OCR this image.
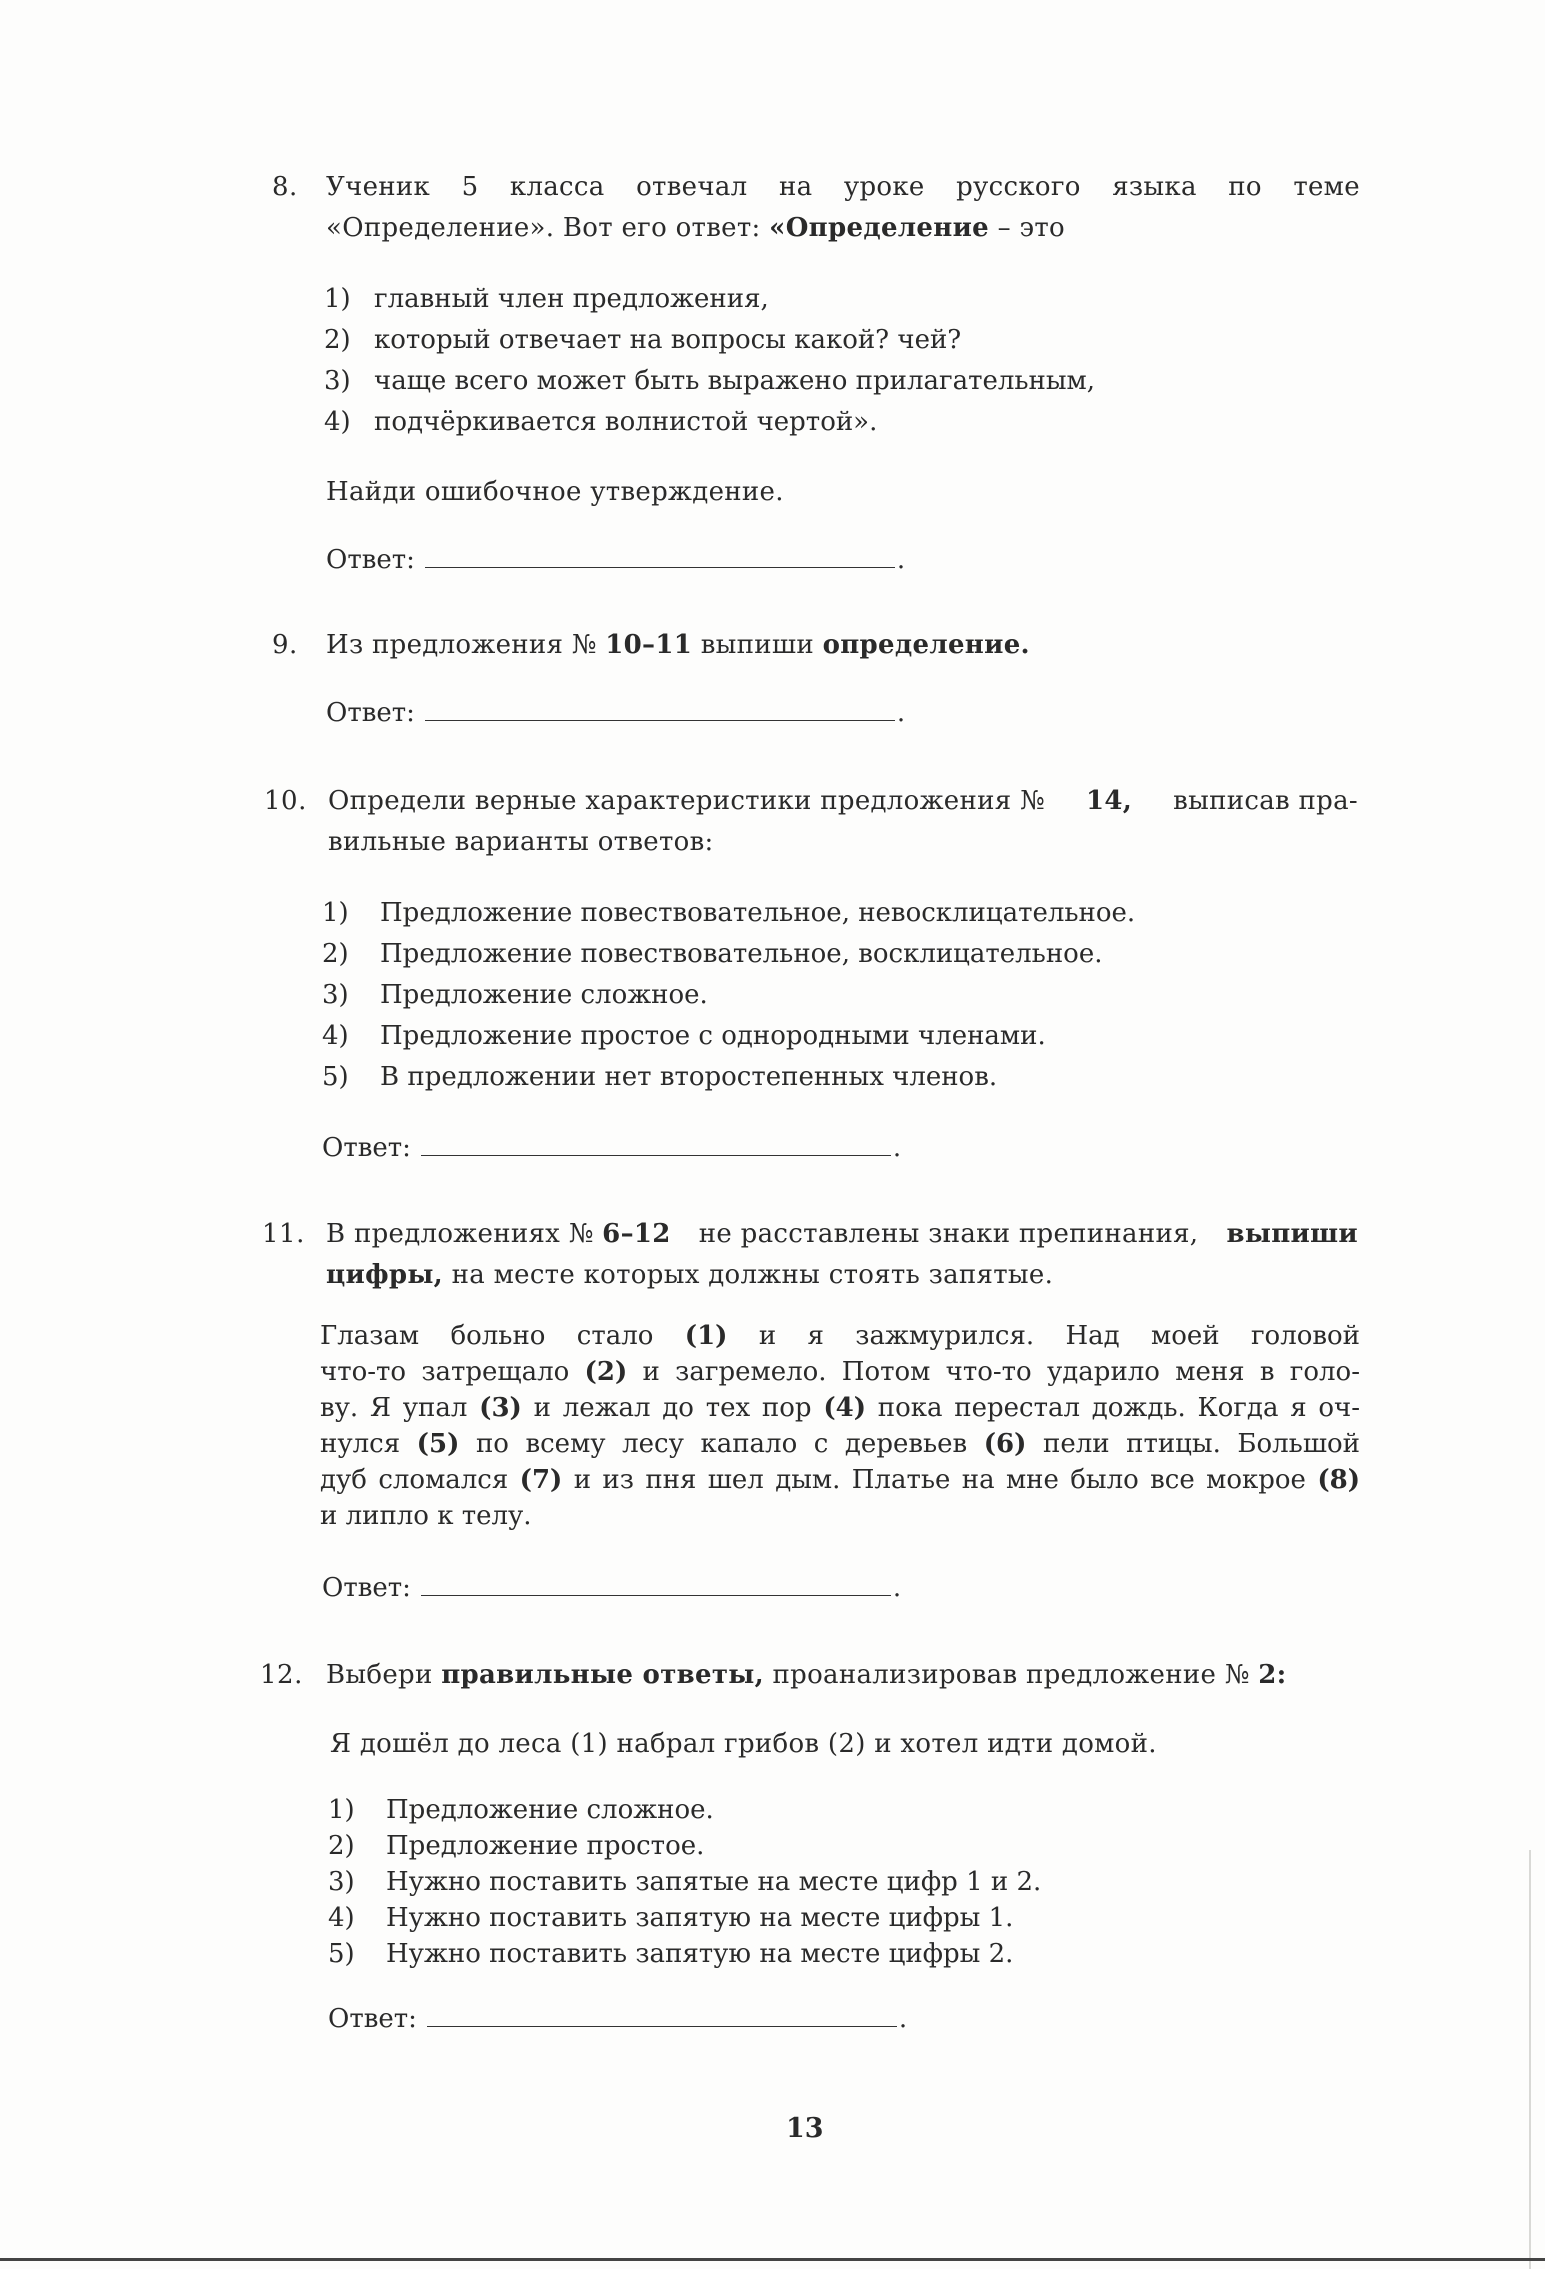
8. Ученик 5 класса отвечал на уроке русского языка по теме
«Определение». Вот его ответ: «Определение – это
1) главный член предложения,
2) который отвечает на вопросы какой? чей?
3) чаще всего может быть выражено прилагательным,
4) подчёркивается волнистой чертой».
Найди ошибочное утверждение.
Ответ:	.
9. Из предложения № 10–11 выпиши определение.
Ответ:	.
10. Определи верные характеристики предложения № 14, выписав пра-
вильные варианты ответов:
1) Предложение повествовательное, невосклицательное.
2) Предложение повествовательное, восклицательное.
3) Предложение сложное.
4) Предложение простое с однородными членами.
5) В предложении нет второстепенных членов.
Ответ:	.
11. В предложениях № 6–12 не расставлены знаки препинания, выпиши
цифры, на месте которых должны стоять запятые.
Глазам больно стало (1) и я зажмурился. Над моей головой
что-то затрещало (2) и загремело. Потом что-то ударило меня в голо-
ву. Я упал (3) и лежал до тех пор (4) пока перестал дождь. Когда я оч-
нулся (5) по всему лесу капало с деревьев (6) пели птицы. Большой
дуб сломался (7) и из пня шел дым. Платье на мне было все мокрое (8)
и липло к телу.
Ответ:	.
12. Выбери правильные ответы, проанализировав предложение № 2:
Я дошёл до леса (1) набрал грибов (2) и хотел идти домой.
1) Предложение сложное.
2) Предложение простое.
3) Нужно поставить запятые на месте цифр 1 и 2.
4) Нужно поставить запятую на месте цифры 1.
5) Нужно поставить запятую на месте цифры 2.
Ответ:	.
13
